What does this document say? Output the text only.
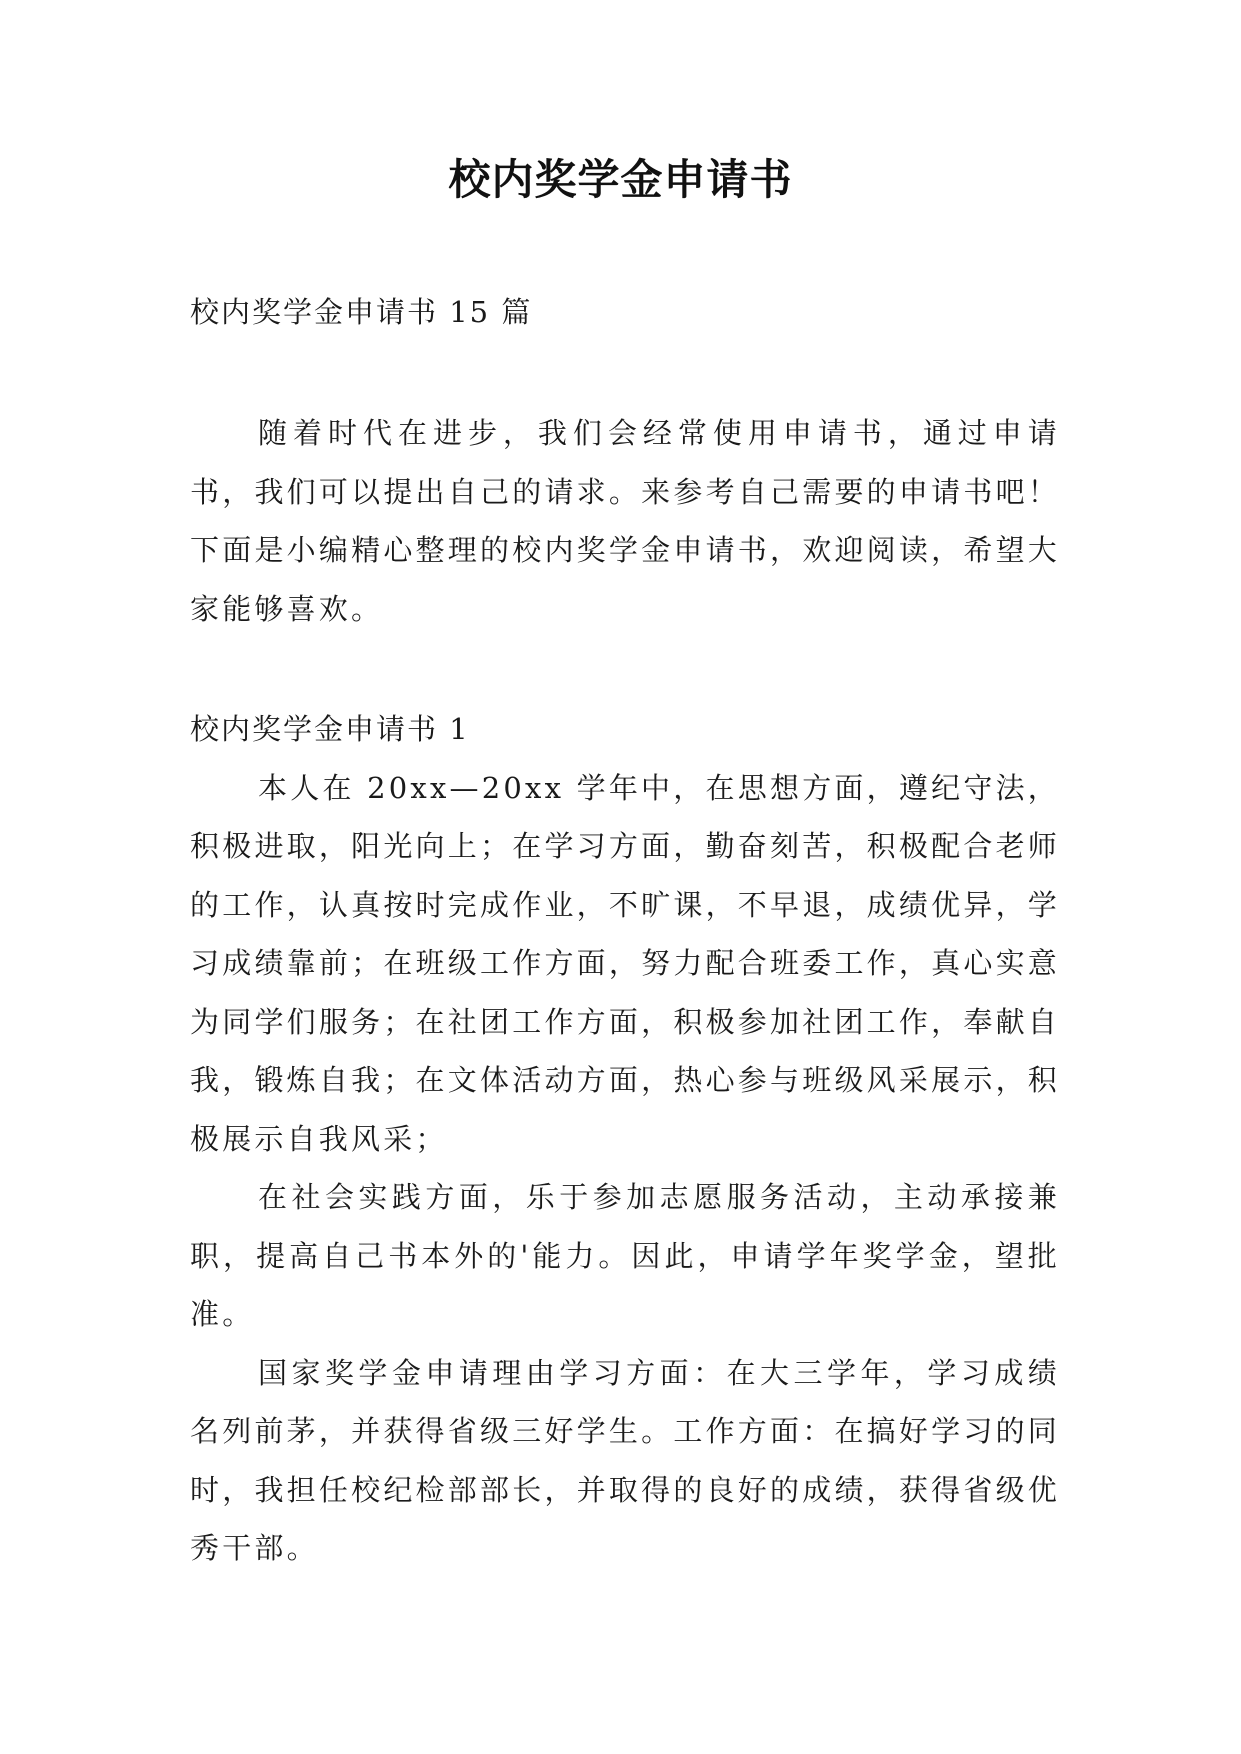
校内奖学金申请书
校内奖学金申请书 15 篇

随着时代在进步，我们会经常使用申请书，通过申请书，我们可以提出自己的请求。来参考自己需要的申请书吧！下面是小编精心整理的校内奖学金申请书，欢迎阅读，希望大家能够喜欢。

校内奖学金申请书 1

本人在 20xx—20xx 学年中，在思想方面，遵纪守法，积极进取，阳光向上；在学习方面，勤奋刻苦，积极配合老师的工作，认真按时完成作业，不旷课，不早退，成绩优异，学习成绩靠前；在班级工作方面，努力配合班委工作，真心实意为同学们服务；在社团工作方面，积极参加社团工作，奉献自我，锻炼自我；在文体活动方面，热心参与班级风采展示，积极展示自我风采；

在社会实践方面，乐于参加志愿服务活动，主动承接兼职，提高自己书本外的'能力。因此，申请学年奖学金，望批准。

国家奖学金申请理由学习方面：在大三学年，学习成绩名列前茅，并获得省级三好学生。工作方面：在搞好学习的同时，我担任校纪检部部长，并取得的良好的成绩，获得省级优秀干部。
